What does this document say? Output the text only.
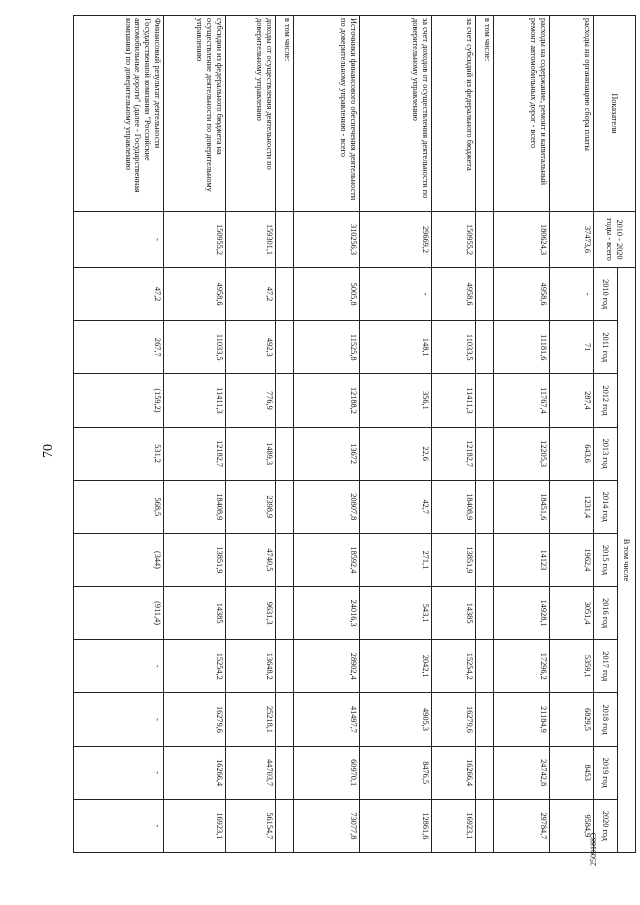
70
2509188Э
Показатели	2010 - 2020 годы - всего	В том числе										
		2010 год	2011 год	2012 год	2013 год	2014 год	2015 год	2016 год	2017 год	2018 год	2019 год	2020 год
расходы на организацию сбора платы	37473,6	-	71	287,4	643,6	1231,4	1962,4	3051,4	5359,1	6829,5	8453	9584,9
расходы на содержание, ремонт и капитальный ремонт автомобильных дорог - всего	180624,3	4958,6	11181,6	11767,4	12205,3	18451,6	14123	14928,1	17296,2	21184,9	24742,8	29784,7
в том числе:												
за счет субсидий из федерального бюджета	150955,2	4958,6	11033,5	11411,3	12182,7	18408,9	13851,9	14385	15254,2	16279,6	16266,4	16923,1
за счет доходов от осуществления деятельности по доверительному управлению	29669,2	-	148,1	356,1	22,6	42,7	271,1	543,1	2042,1	4905,3	8476,5	12861,6
Источники финансового обеспечения деятельности по доверительному управлению - всего	310256,3	5005,8	11525,8	12188,2	13672	20807,8	18592,4	24016,3	28902,4	41497,7	60970,1	73077,8
в том числе:												
доходы от осуществления деятельности по доверительному управлению	159301,1	47,2	492,3	776,9	1489,3	2398,9	4740,5	9631,3	13648,2	25218,1	44703,7	56154,7
субсидии из федерального бюджета на осуществление деятельности по доверительному управлению	150955,2	4958,6	11033,5	11411,3	12182,7	18408,9	13851,9	14385	15254,2	16279,6	16266,4	16923,1
Финансовый результат деятельности Государственной компании "Российские автомобильные дороги" (далее - Государственная компания) по доверительному управлению	-	47,2	267,7	(159,2)	531,2	568,5	(344)	(911,4)	-	-	-	-
